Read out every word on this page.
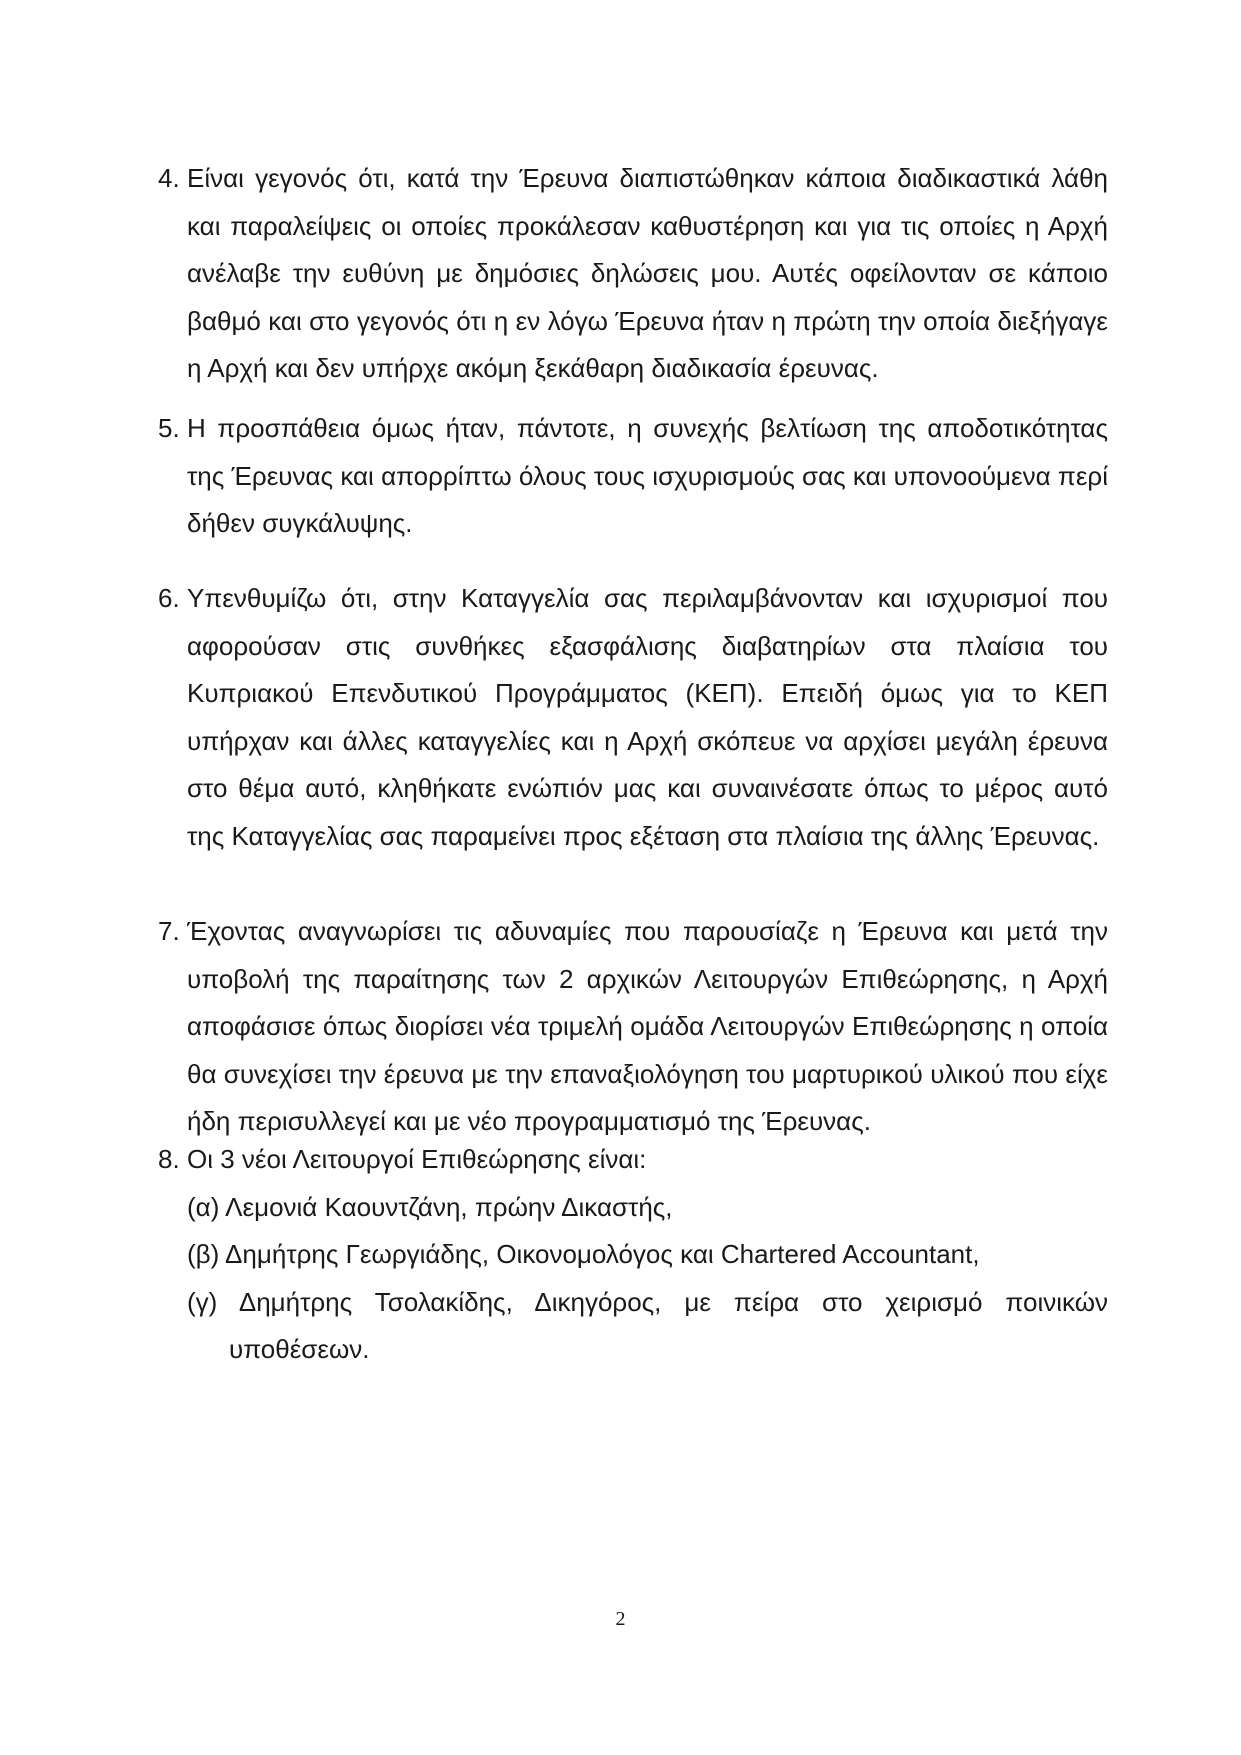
4. Είναι γεγονός ότι, κατά την Έρευνα διαπιστώθηκαν κάποια διαδικαστικά λάθη και παραλείψεις οι οποίες προκάλεσαν καθυστέρηση και για τις οποίες η Αρχή ανέλαβε την ευθύνη με δημόσιες δηλώσεις μου. Αυτές οφείλονταν σε κάποιο βαθμό και στο γεγονός ότι η εν λόγω Έρευνα ήταν η πρώτη την οποία διεξήγαγε η Αρχή και δεν υπήρχε ακόμη ξεκάθαρη διαδικασία έρευνας.
5. Η προσπάθεια όμως ήταν, πάντοτε, η συνεχής βελτίωση της αποδοτικότητας της Έρευνας και απορρίπτω όλους τους ισχυρισμούς σας και υπονοούμενα περί δήθεν συγκάλυψης.
6. Υπενθυμίζω ότι, στην Καταγγελία σας περιλαμβάνονταν και ισχυρισμοί που αφορούσαν στις συνθήκες εξασφάλισης διαβατηρίων στα πλαίσια του Κυπριακού Επενδυτικού Προγράμματος (ΚΕΠ). Επειδή όμως για το ΚΕΠ υπήρχαν και άλλες καταγγελίες και η Αρχή σκόπευε να αρχίσει μεγάλη έρευνα στο θέμα αυτό, κληθήκατε ενώπιόν μας και συναινέσατε όπως το μέρος αυτό της Καταγγελίας σας παραμείνει προς εξέταση στα πλαίσια της άλλης Έρευνας.
7. Έχοντας αναγνωρίσει τις αδυναμίες που παρουσίαζε η Έρευνα και μετά την υποβολή της παραίτησης των 2 αρχικών Λειτουργών Επιθεώρησης, η Αρχή αποφάσισε όπως διορίσει νέα τριμελή ομάδα Λειτουργών Επιθεώρησης η οποία θα συνεχίσει την έρευνα με την επαναξιολόγηση του μαρτυρικού υλικού που είχε ήδη περισυλλεγεί και με νέο προγραμματισμό της Έρευνας.
8. Οι 3 νέοι Λειτουργοί Επιθεώρησης είναι:
(α) Λεμονιά Καουντζάνη, πρώην Δικαστής,
(β) Δημήτρης Γεωργιάδης, Οικονομολόγος και Chartered Accountant,
(γ) Δημήτρης Τσολακίδης, Δικηγόρος, με πείρα στο χειρισμό ποινικών υποθέσεων.
2
